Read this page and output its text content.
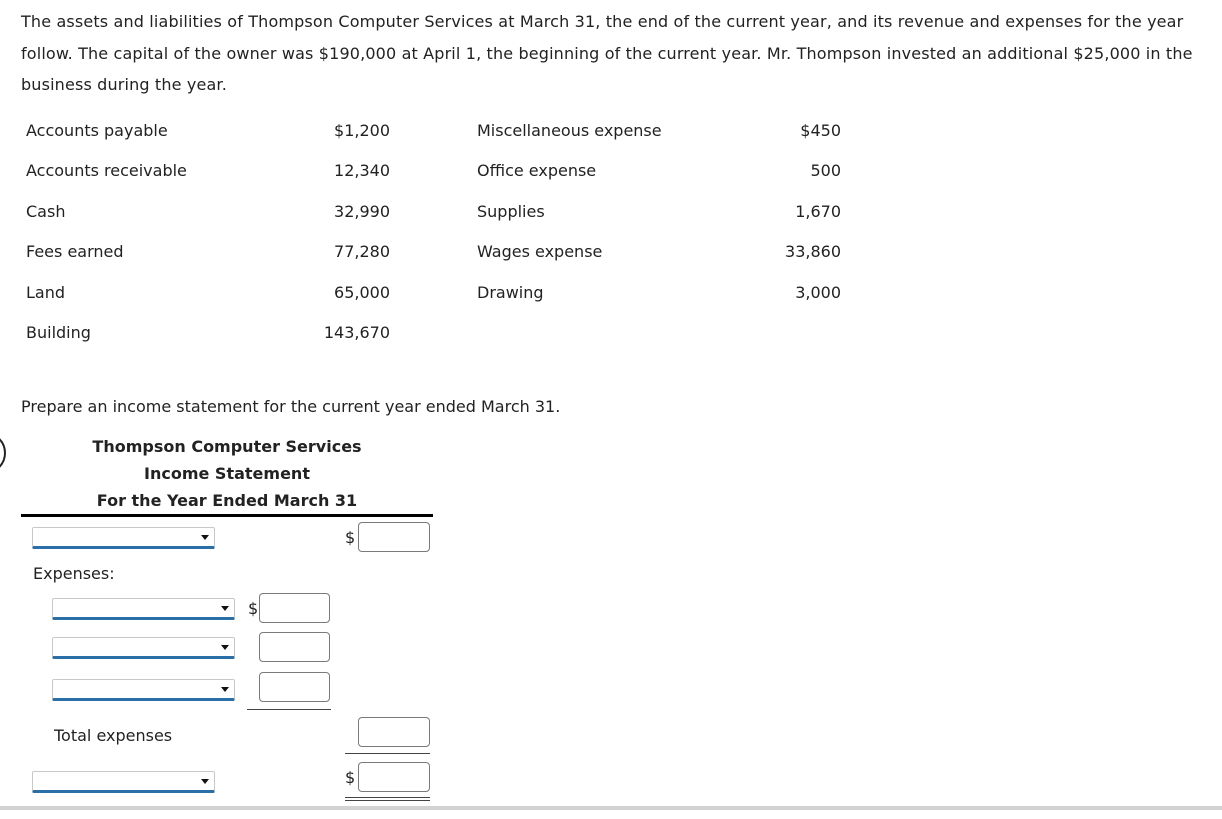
The assets and liabilities of Thompson Computer Services at March 31, the end of the current year, and its revenue and expenses for the year follow. The capital of the owner was $190,000 at April 1, the beginning of the current year. Mr. Thompson invested an additional $25,000 in the business during the year.
Accounts payable	$1,200	Miscellaneous expense	$450
Accounts receivable	12,340	Office expense	500
Cash	32,990	Supplies	1,670
Fees earned	77,280	Wages expense	33,860
Land	65,000	Drawing	3,000
Building	143,670
Prepare an income statement for the current year ended March 31.
Thompson Computer Services
Income Statement
For the Year Ended March 31
$
Expenses:
$
Total expenses
$
